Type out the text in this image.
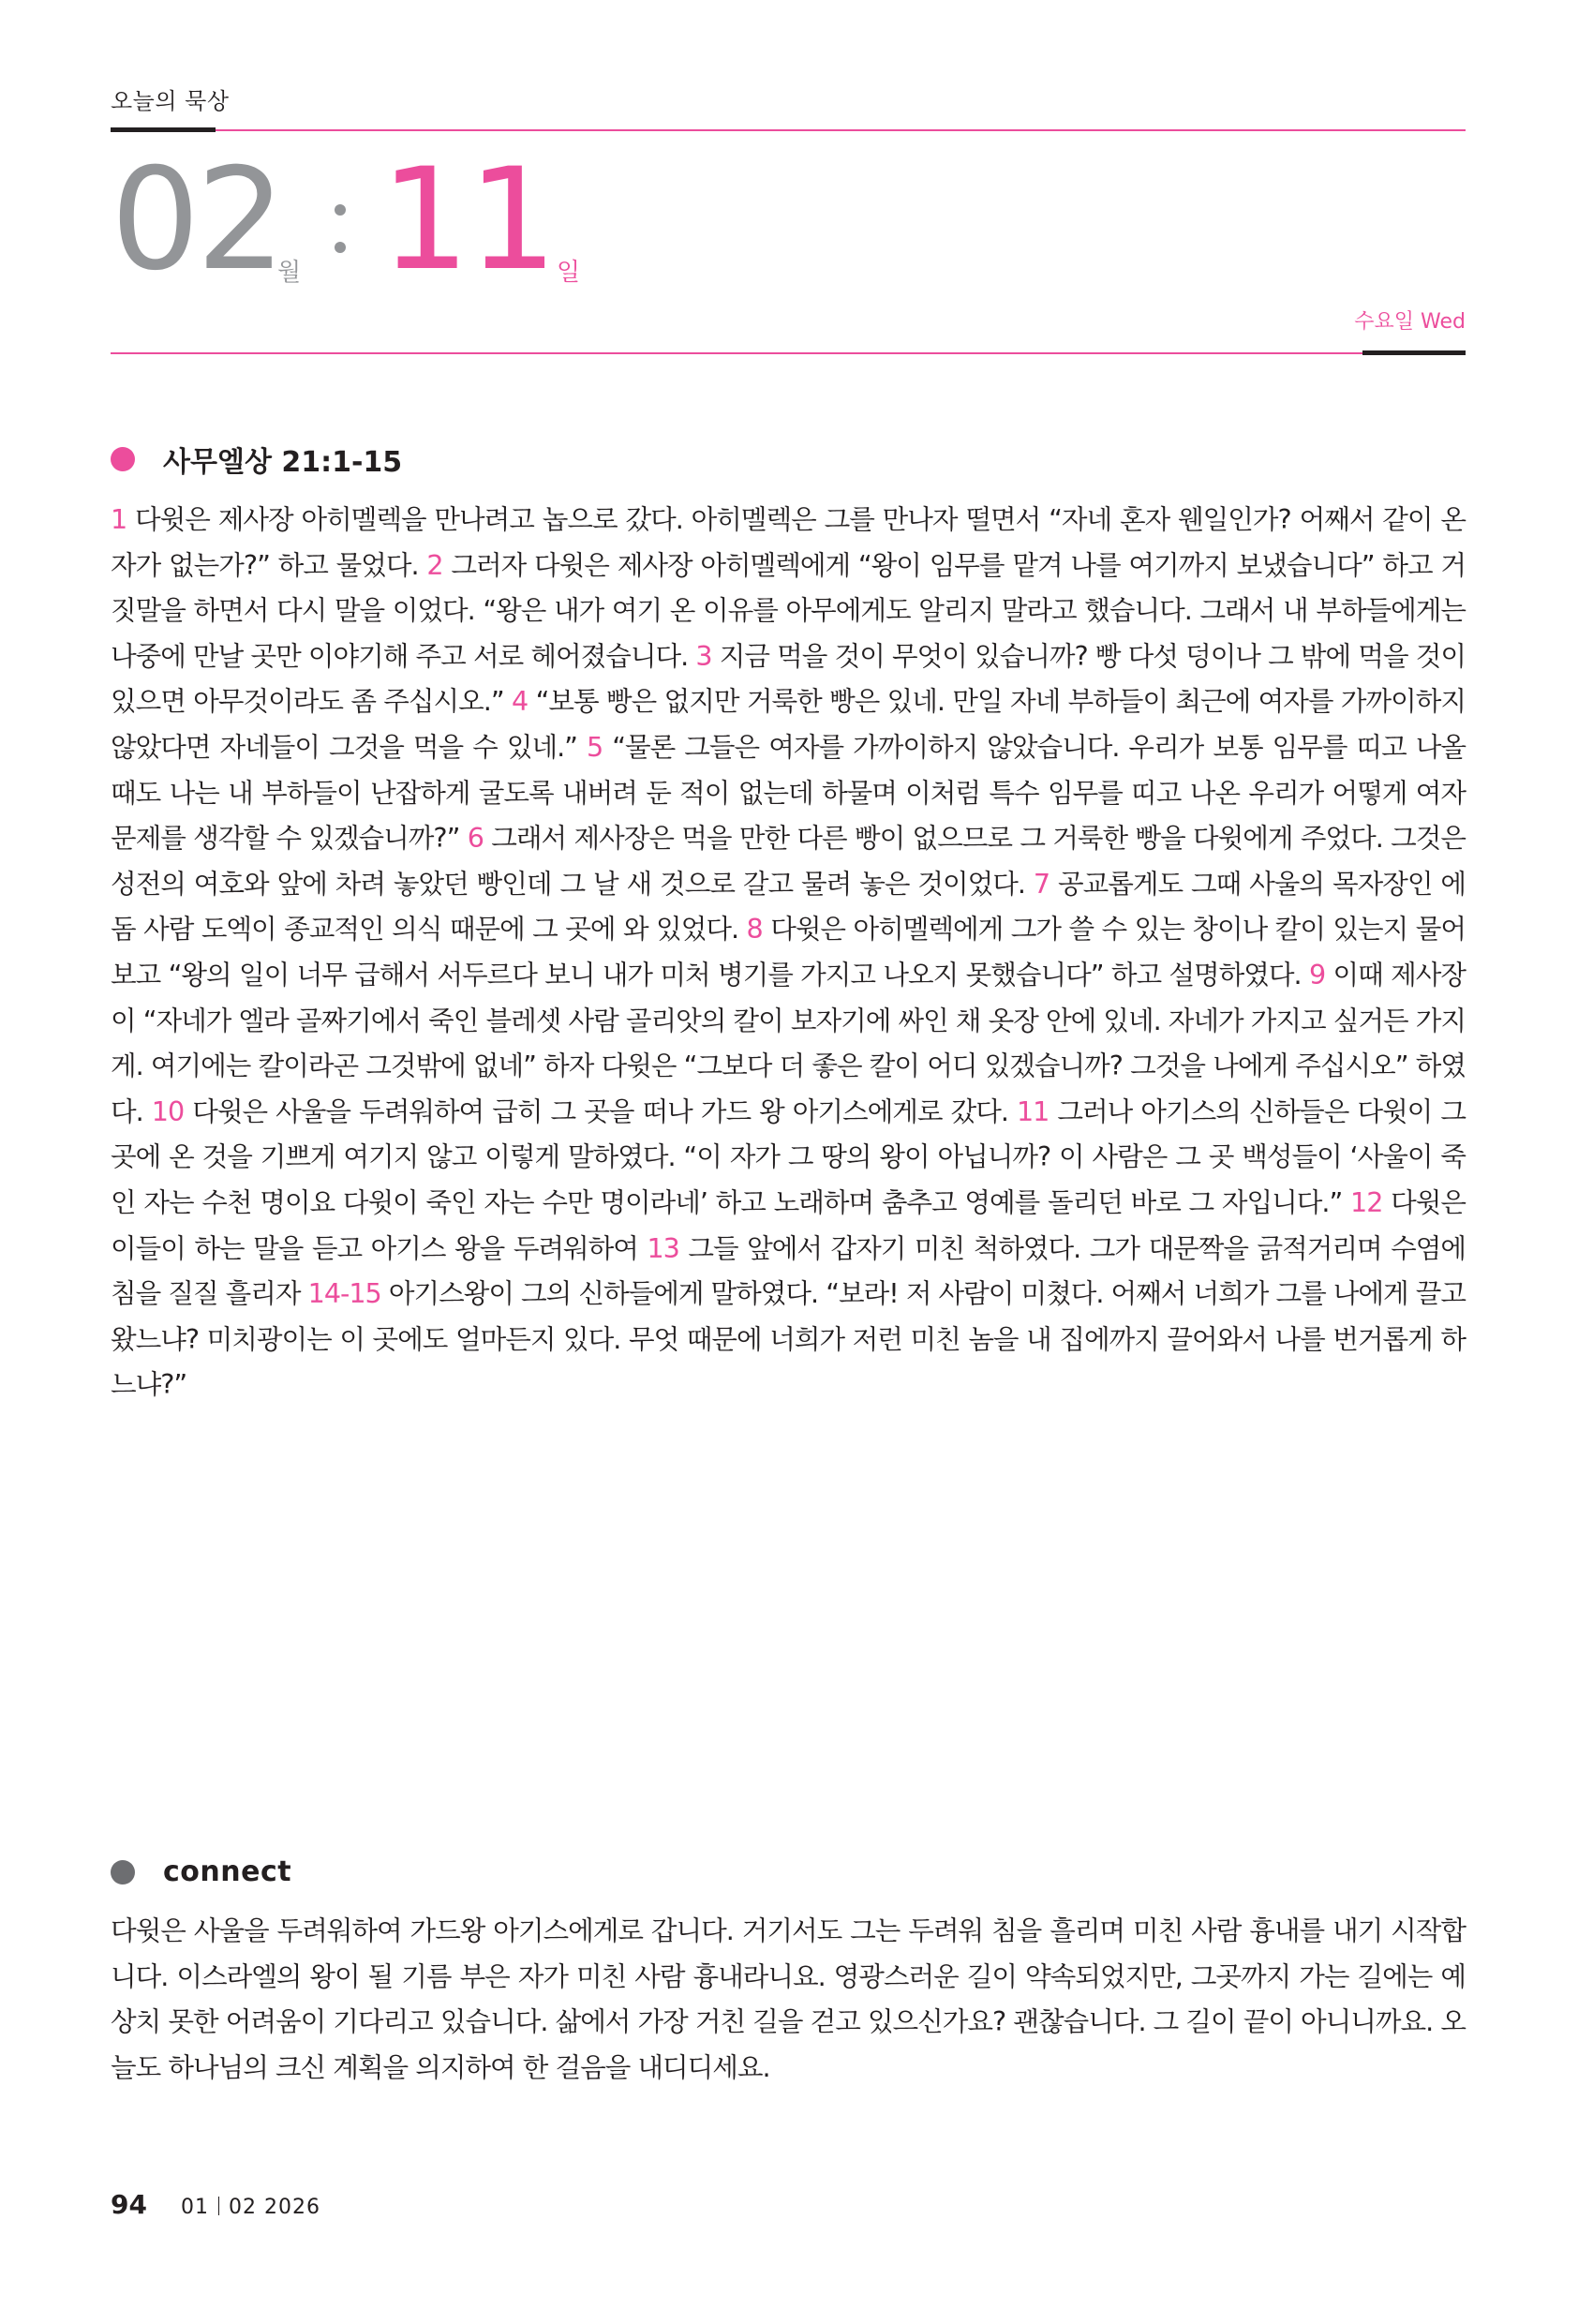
오늘의 묵상
02
월 11 일
수요일 Wed
사무엘상 21:1-15
1 다윗은 제사장 아히멜렉을 만나려고 놉으로 갔다. 아히멜렉은 그를 만나자 떨면서 “자네 혼자 웬일인가? 어째서 같이 온 자가 없는가?” 하고 물었다. 2 그러자 다윗은 제사장 아히멜렉에게 “왕이 임무를 맡겨 나를 여기까지 보냈습니다” 하고 거짓말을 하면서 다시 말을 이었다. “왕은 내가 여기 온 이유를 아무에게도 알리지 말라고 했습니다. 그래서 내 부하들에게는 나중에 만날 곳만 이야기해 주고 서로 헤어졌습니다. 3 지금 먹을 것이 무엇이 있습니까? 빵 다섯 덩이나 그 밖에 먹을 것이 있으면 아무것이라도 좀 주십시오.” 4 “보통 빵은 없지만 거룩한 빵은 있네. 만일 자네 부하들이 최근에 여자를 가까이하지 않았다면 자네들이 그것을 먹을 수 있네.” 5 “물론 그들은 여자를 가까이하지 않았습니다. 우리가 보통 임무를 띠고 나올 때도 나는 내 부하들이 난잡하게 굴도록 내버려 둔 적이 없는데 하물며 이처럼 특수 임무를 띠고 나온 우리가 어떻게 여자 문제를 생각할 수 있겠습니까?” 6 그래서 제사장은 먹을 만한 다른 빵이 없으므로 그 거룩한 빵을 다윗에게 주었다. 그것은 성전의 여호와 앞에 차려 놓았던 빵인데 그 날 새 것으로 갈고 물려 놓은 것이었다. 7 공교롭게도 그때 사울의 목자장인 에돔 사람 도엑이 종교적인 의식 때문에 그 곳에 와 있었다. 8 다윗은 아히멜렉에게 그가 쓸 수 있는 창이나 칼이 있는지 물어 보고 “왕의 일이 너무 급해서 서두르다 보니 내가 미처 병기를 가지고 나오지 못했습니다” 하고 설명하였다. 9 이때 제사장이 “자네가 엘라 골짜기에서 죽인 블레셋 사람 골리앗의 칼이 보자기에 싸인 채 옷장 안에 있네. 자네가 가지고 싶거든 가지게. 여기에는 칼이라곤 그것밖에 없네” 하자 다윗은 “그보다 더 좋은 칼이 어디 있겠습니까? 그것을 나에게 주십시오” 하였다. 10 다윗은 사울을 두려워하여 급히 그 곳을 떠나 가드 왕 아기스에게로 갔다. 11 그러나 아기스의 신하들은 다윗이 그 곳에 온 것을 기쁘게 여기지 않고 이렇게 말하였다. “이 자가 그 땅의 왕이 아닙니까? 이 사람은 그 곳 백성들이 ‘사울이 죽인 자는 수천 명이요 다윗이 죽인 자는 수만 명이라네’ 하고 노래하며 춤추고 영예를 돌리던 바로 그 자입니다.” 12 다윗은 이들이 하는 말을 듣고 아기스 왕을 두려워하여 13 그들 앞에서 갑자기 미친 척하였다. 그가 대문짝을 긁적거리며 수염에 침을 질질 흘리자 14-15 아기스왕이 그의 신하들에게 말하였다. “보라! 저 사람이 미쳤다. 어째서 너희가 그를 나에게 끌고 왔느냐? 미치광이는 이 곳에도 얼마든지 있다. 무엇 때문에 너희가 저런 미친 놈을 내 집에까지 끌어와서 나를 번거롭게 하느냐?”
connect
다윗은 사울을 두려워하여 가드왕 아기스에게로 갑니다. 거기서도 그는 두려워 침을 흘리며 미친 사람 흉내를 내기 시작합니다. 이스라엘의 왕이 될 기름 부은 자가 미친 사람 흉내라니요. 영광스러운 길이 약속되었지만, 그곳까지 가는 길에는 예상치 못한 어려움이 기다리고 있습니다. 삶에서 가장 거친 길을 걷고 있으신가요? 괜찮습니다. 그 길이 끝이 아니니까요. 오늘도 하나님의 크신 계획을 의지하여 한 걸음을 내디디세요.
94 01 02 2026
